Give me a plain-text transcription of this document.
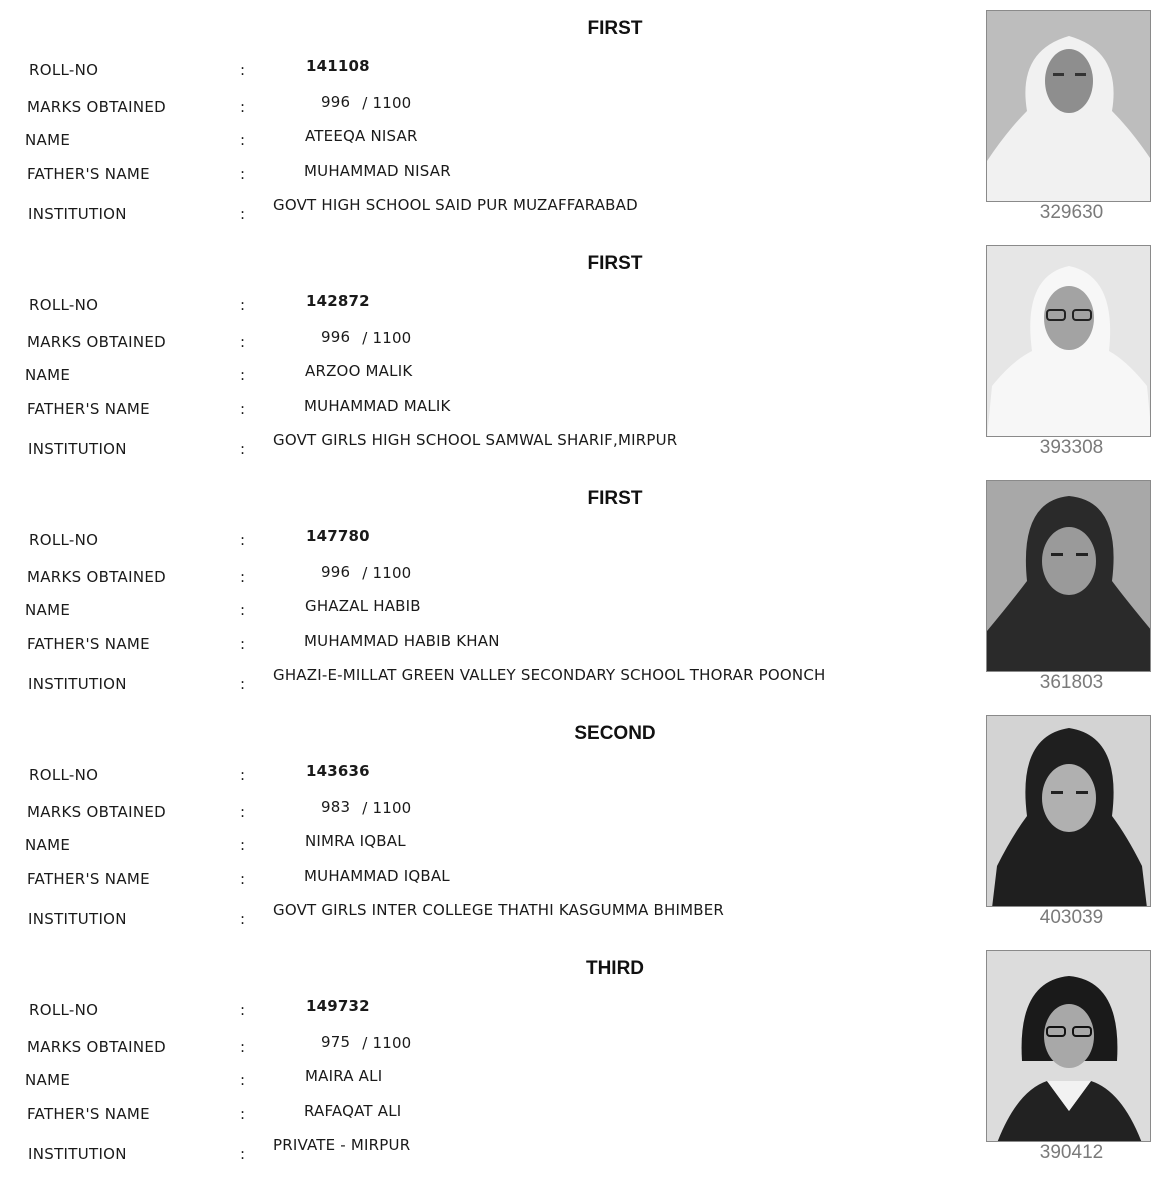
FIRST
ROLL-NO	:	141108
MARKS OBTAINED	:	996 / 1100
NAME	:	ATEEQA NISAR
FATHER'S NAME	:	MUHAMMAD NISAR
INSTITUTION	: GOVT HIGH SCHOOL SAID PUR MUZAFFARABAD	329630
FIRST
ROLL-NO	:	142872
MARKS OBTAINED	:	996 / 1100
NAME	:	ARZOO MALIK
FATHER'S NAME	:	MUHAMMAD MALIK
INSTITUTION	: GOVT GIRLS HIGH SCHOOL SAMWAL SHARIF,MIRPUR	393308
FIRST
ROLL-NO	:	147780
MARKS OBTAINED	:	996 / 1100
NAME	:	GHAZAL HABIB
FATHER'S NAME	:	MUHAMMAD HABIB KHAN
INSTITUTION	: GHAZI-E-MILLAT GREEN VALLEY SECONDARY SCHOOL THORAR POONCH	361803
SECOND
ROLL-NO	:	143636
MARKS OBTAINED	:	983 / 1100
NAME	:	NIMRA IQBAL
FATHER'S NAME	:	MUHAMMAD IQBAL
INSTITUTION	: GOVT GIRLS INTER COLLEGE THATHI KASGUMMA BHIMBER	403039
THIRD
ROLL-NO	:	149732
MARKS OBTAINED	:	975 / 1100
NAME	:	MAIRA ALI
FATHER'S NAME	:	RAFAQAT ALI
INSTITUTION	: PRIVATE - MIRPUR	390412
